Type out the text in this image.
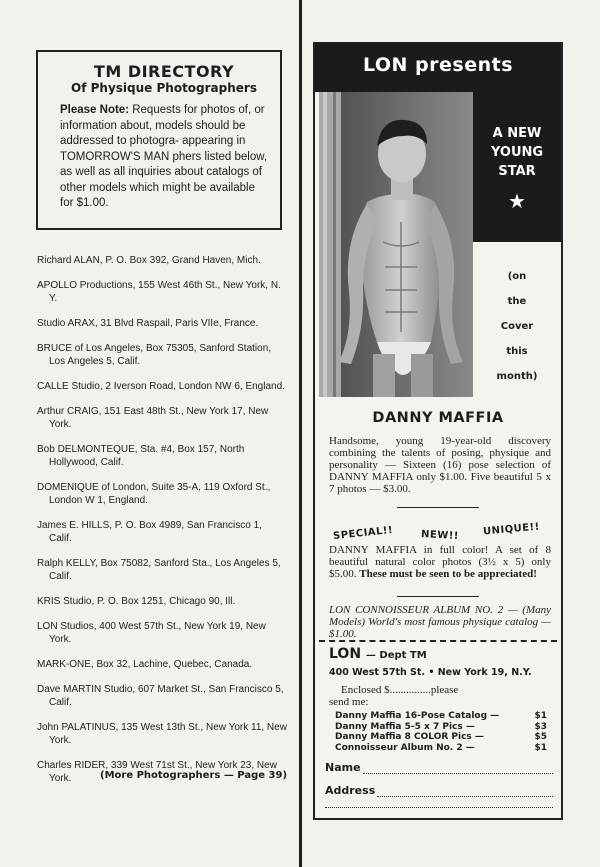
TM DIRECTORY
Of Physique Photographers
Please Note: Requests for photos of, or information about, models should be addressed to photogra- appearing in TOMORROW'S MAN phers listed below, as well as all inquiries about catalogs of other models which might be available for $1.00.
Richard ALAN, P. O. Box 392, Grand Haven, Mich.
APOLLO Productions, 155 West 46th St., New York, N. Y.
Studio ARAX, 31 Blvd Raspail, Paris VIIe, France.
BRUCE of Los Angeles, Box 75305, Sanford Station, Los Angeles 5, Calif.
CALLE Studio, 2 Iverson Road, London NW 6, England.
Arthur CRAIG, 151 East 48th St., New York 17, New York.
Bob DELMONTEQUE, Sta. #4, Box 157, North Hollywood, Calif.
DOMENIQUE of London, Suite 35-A, 119 Oxford St., London W 1, England.
James E. HILLS, P. O. Box 4989, San Francisco 1, Calif.
Ralph KELLY, Box 75082, Sanford Sta., Los Angeles 5, Calif.
KRIS Studio, P. O. Box 1251, Chicago 90, Ill.
LON Studios, 400 West 57th St., New York 19, New York.
MARK-ONE, Box 32, Lachine, Quebec, Canada.
Dave MARTIN Studio, 607 Market St., San Francisco 5, Calif.
John PALATINUS, 135 West 13th St., New York 11, New York.
Charles RIDER, 339 West 71st St., New York 23, New York.	(More Photographers — Page 39)
LON presents
A NEW
YOUNG
STAR
★
(on
the
Cover
this
month)
DANNY MAFFIA
Handsome, young 19-year-old discovery combining the talents of posing, physique and personality — Sixteen (16) pose selection of DANNY MAFFIA only $1.00. Five beautiful 5 x 7 photos — $3.00.
SPECIAL!!	NEW!! UNIQUE!!
DANNY MAFFIA in full color! A set of 8 beautiful natural color photos (3½ x 5) only $5.00. These must be seen to be appreciated!
LON CONNOISSEUR ALBUM NO. 2 — (Many Models) World's most famous physique catalog — $1.00.
LON — Dept TM
400 West 57th St. • New York 19, N.Y.
Enclosed $...............please
send me:
Danny Maffia 16-Pose Catalog —	$1
Danny Maffia 5-5 x 7 Pics —	$3
Danny Maffia 8 COLOR Pics —	$5
Connoisseur Album No. 2 —	$1
Name
Address
